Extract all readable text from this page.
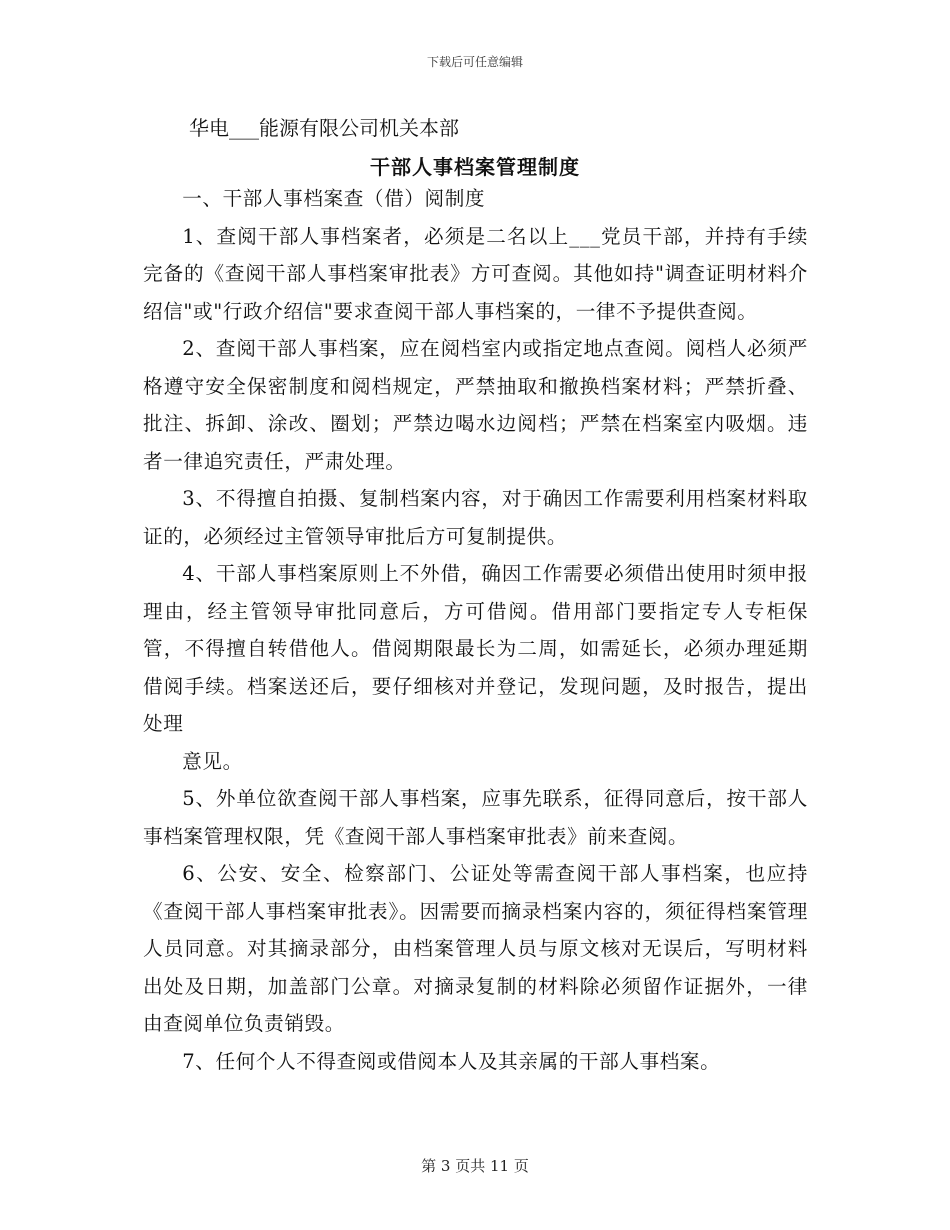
下载后可任意编辑
华电___能源有限公司机关本部
干部人事档案管理制度

一、干部人事档案查（借）阅制度

1、查阅干部人事档案者，必须是二名以上___党员干部，并持有手续完备的《查阅干部人事档案审批表》方可查阅。其他如持"调查证明材料介绍信"或"行政介绍信"要求查阅干部人事档案的，一律不予提供查阅。

2、查阅干部人事档案，应在阅档室内或指定地点查阅。阅档人必须严格遵守安全保密制度和阅档规定，严禁抽取和撤换档案材料；严禁折叠、批注、拆卸、涂改、圈划；严禁边喝水边阅档；严禁在档案室内吸烟。违者一律追究责任，严肃处理。

3、不得擅自拍摄、复制档案内容，对于确因工作需要利用档案材料取证的，必须经过主管领导审批后方可复制提供。

4、干部人事档案原则上不外借，确因工作需要必须借出使用时须申报理由，经主管领导审批同意后，方可借阅。借用部门要指定专人专柜保管，不得擅自转借他人。借阅期限最长为二周，如需延长，必须办理延期借阅手续。档案送还后，要仔细核对并登记，发现问题，及时报告，提出处理

意见。

5、外单位欲查阅干部人事档案，应事先联系，征得同意后，按干部人事档案管理权限，凭《查阅干部人事档案审批表》前来查阅。

6、公安、安全、检察部门、公证处等需查阅干部人事档案，也应持《查阅干部人事档案审批表》。因需要而摘录档案内容的，须征得档案管理人员同意。对其摘录部分，由档案管理人员与原文核对无误后，写明材料出处及日期，加盖部门公章。对摘录复制的材料除必须留作证据外，一律由查阅单位负责销毁。

7、任何个人不得查阅或借阅本人及其亲属的干部人事档案。

第 3 页共 11 页
